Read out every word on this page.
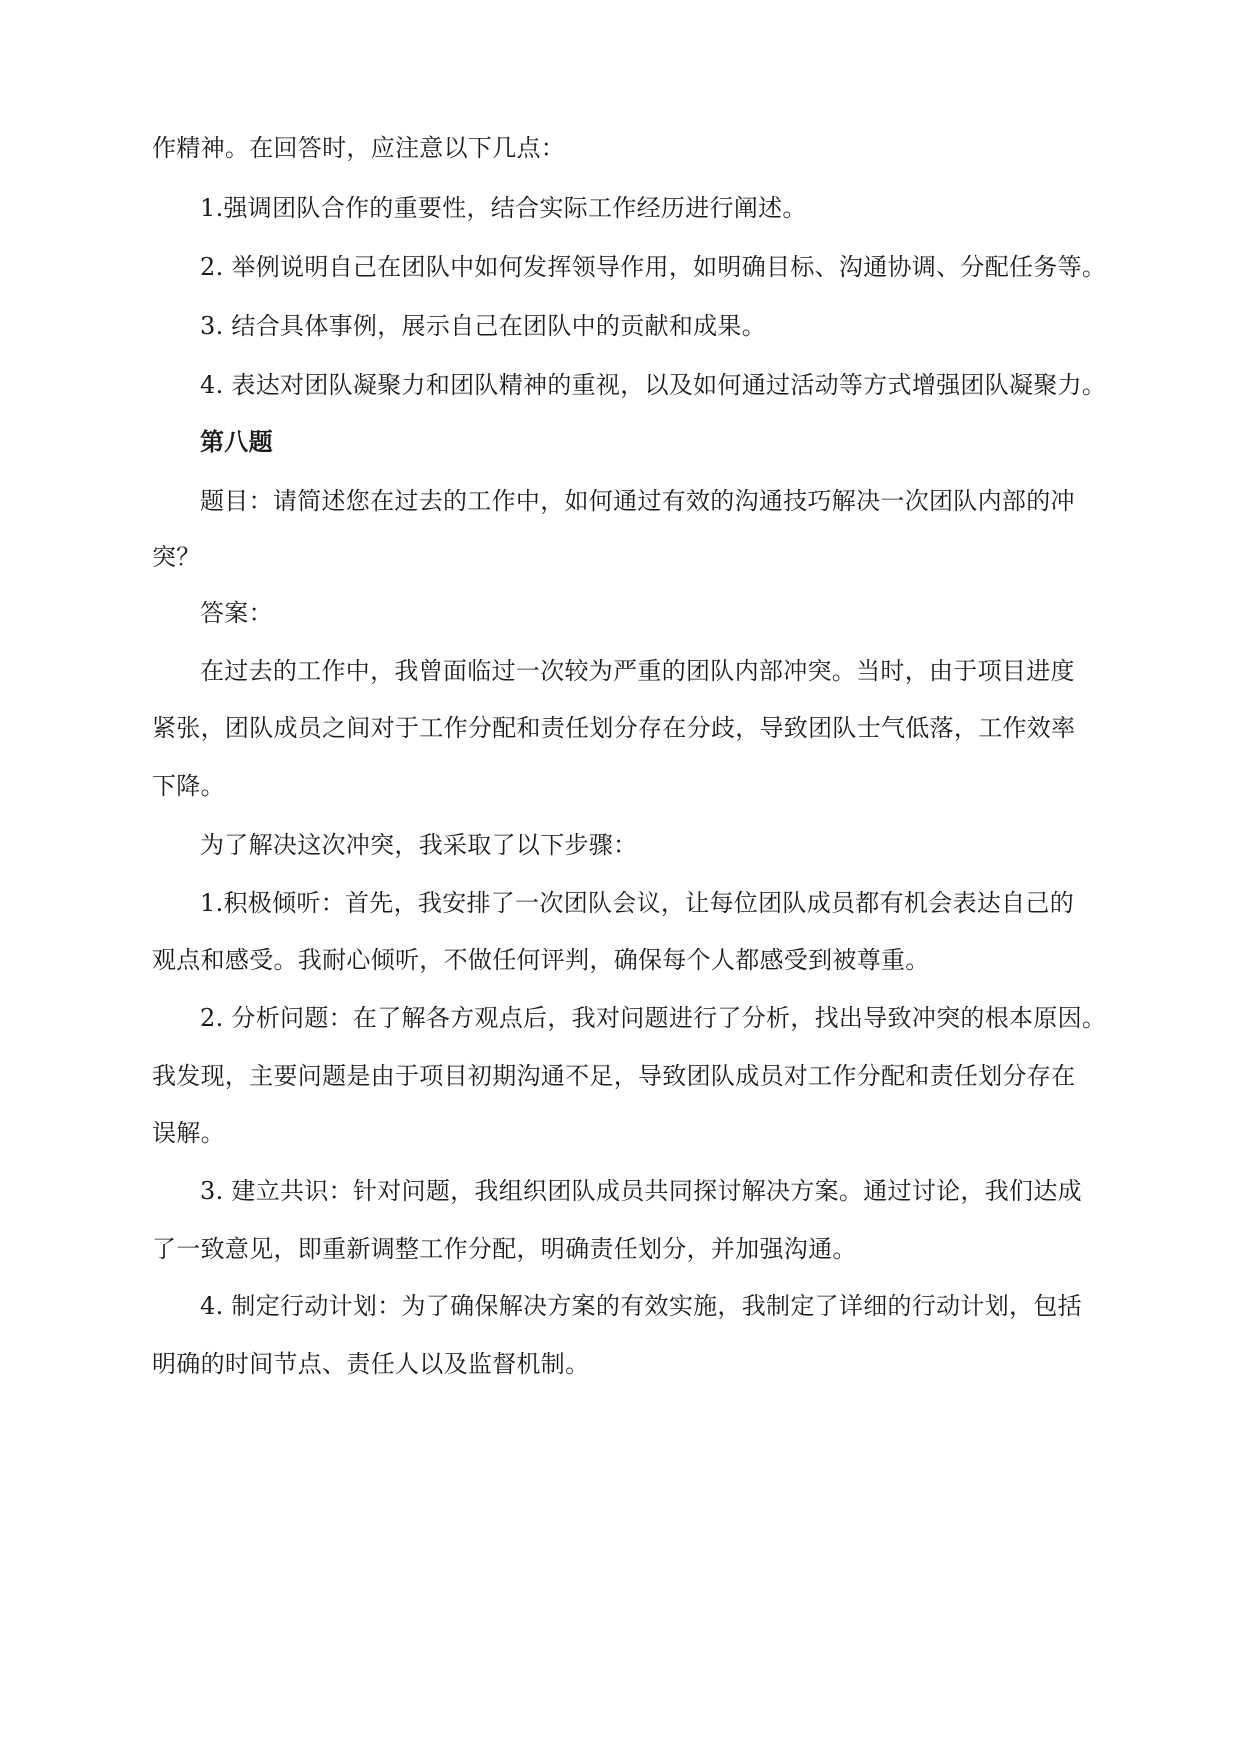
作精神。在回答时，应注意以下几点：
1.强调团队合作的重要性，结合实际工作经历进行阐述。
2. 举例说明自己在团队中如何发挥领导作用，如明确目标、沟通协调、分配任务等。
3. 结合具体事例，展示自己在团队中的贡献和成果。
4. 表达对团队凝聚力和团队精神的重视，以及如何通过活动等方式增强团队凝聚力。
第八题
题目：请简述您在过去的工作中，如何通过有效的沟通技巧解决一次团队内部的冲
突？
答案：
在过去的工作中，我曾面临过一次较为严重的团队内部冲突。当时，由于项目进度
紧张，团队成员之间对于工作分配和责任划分存在分歧，导致团队士气低落，工作效率
下降。
为了解决这次冲突，我采取了以下步骤：
1.积极倾听：首先，我安排了一次团队会议，让每位团队成员都有机会表达自己的
观点和感受。我耐心倾听，不做任何评判，确保每个人都感受到被尊重。
2. 分析问题：在了解各方观点后，我对问题进行了分析，找出导致冲突的根本原因。
我发现，主要问题是由于项目初期沟通不足，导致团队成员对工作分配和责任划分存在
误解。
3. 建立共识：针对问题，我组织团队成员共同探讨解决方案。通过讨论，我们达成
了一致意见，即重新调整工作分配，明确责任划分，并加强沟通。
4. 制定行动计划：为了确保解决方案的有效实施，我制定了详细的行动计划，包括
明确的时间节点、责任人以及监督机制。
